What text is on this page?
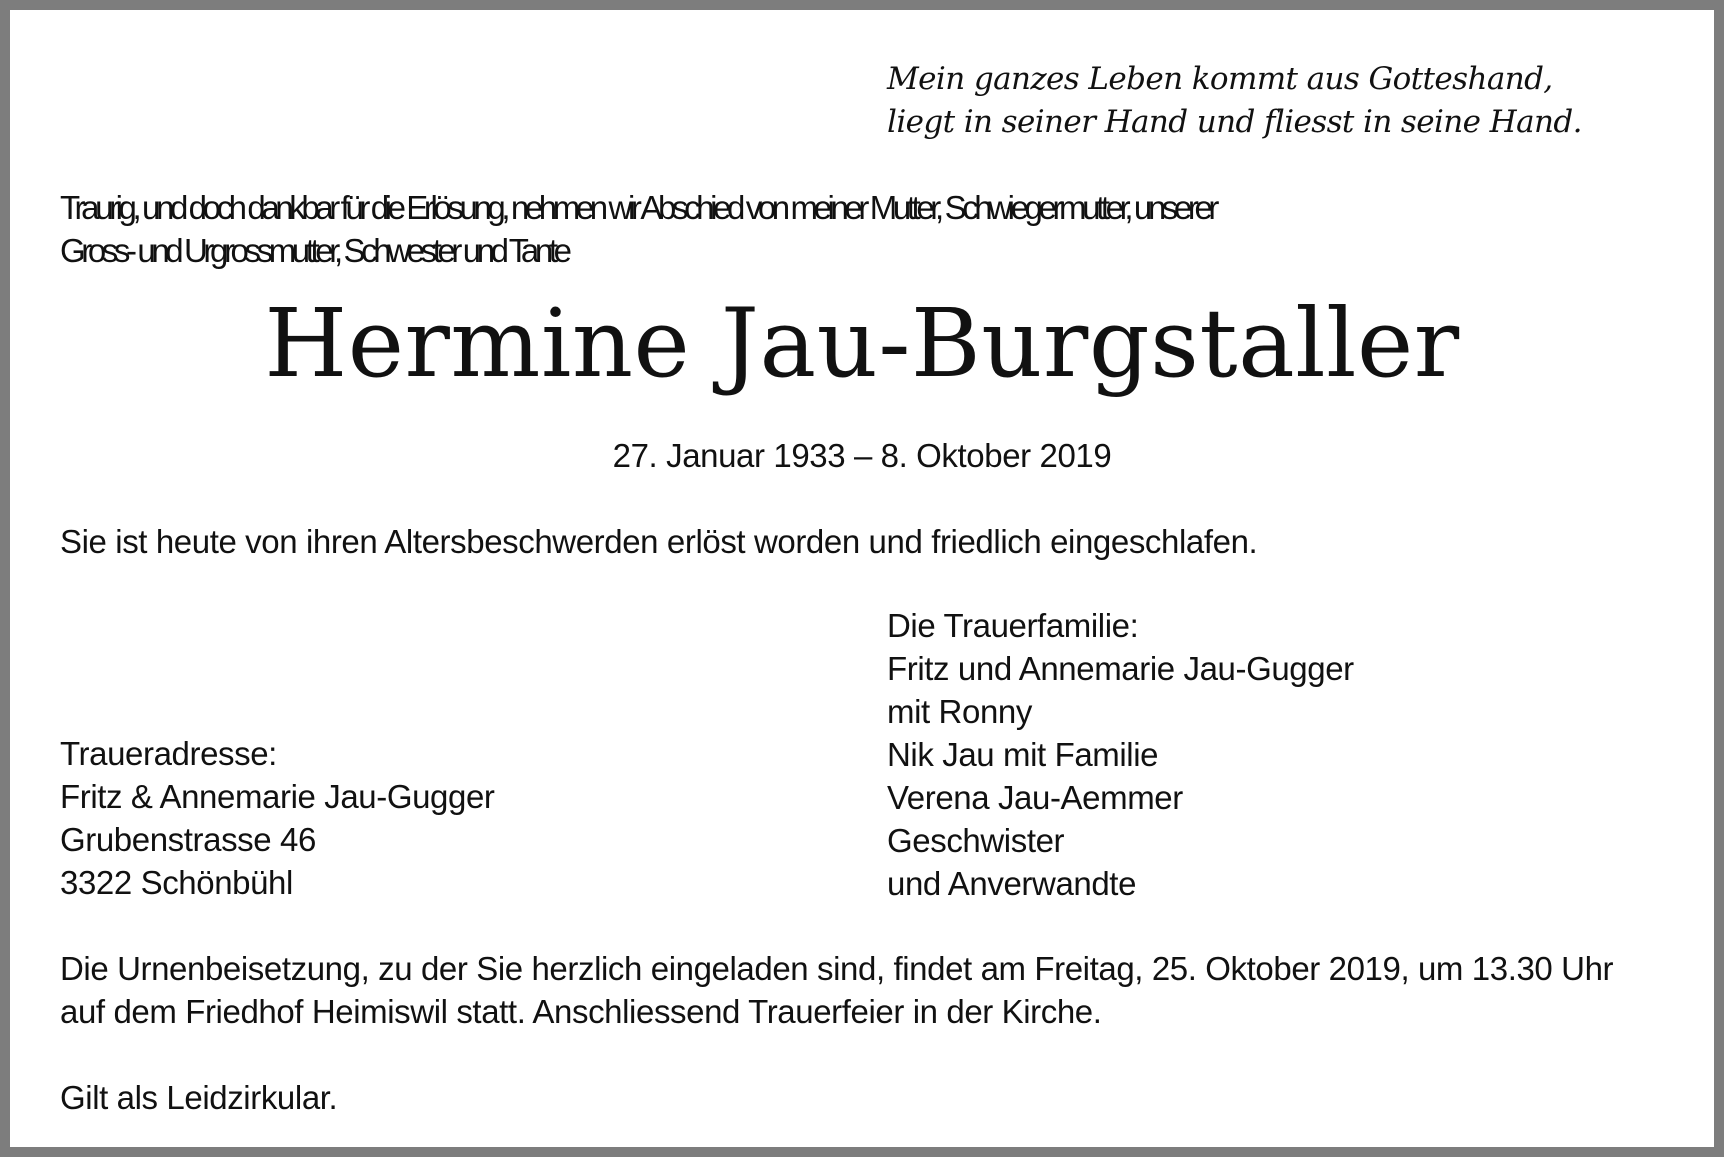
Mein ganzes Leben kommt aus Gotteshand,
liegt in seiner Hand und fliesst in seine Hand.
Traurig, und doch dankbar für die Erlösung, nehmen wir Abschied von meiner Mutter, Schwiegermutter, unserer
Gross- und Urgrossmutter, Schwester und Tante
Hermine Jau-Burgstaller
27. Januar 1933 – 8. Oktober 2019
Sie ist heute von ihren Altersbeschwerden erlöst worden und friedlich eingeschlafen.
Die Trauerfamilie:
Fritz und Annemarie Jau-Gugger
mit Ronny
Nik Jau mit Familie
Verena Jau-Aemmer
Geschwister
und Anverwandte
Traueradresse:
Fritz & Annemarie Jau-Gugger
Grubenstrasse 46
3322 Schönbühl
Die Urnenbeisetzung, zu der Sie herzlich eingeladen sind, findet am Freitag, 25. Oktober 2019, um 13.30 Uhr
auf dem Friedhof Heimiswil statt. Anschliessend Trauerfeier in der Kirche.
Gilt als Leidzirkular.
